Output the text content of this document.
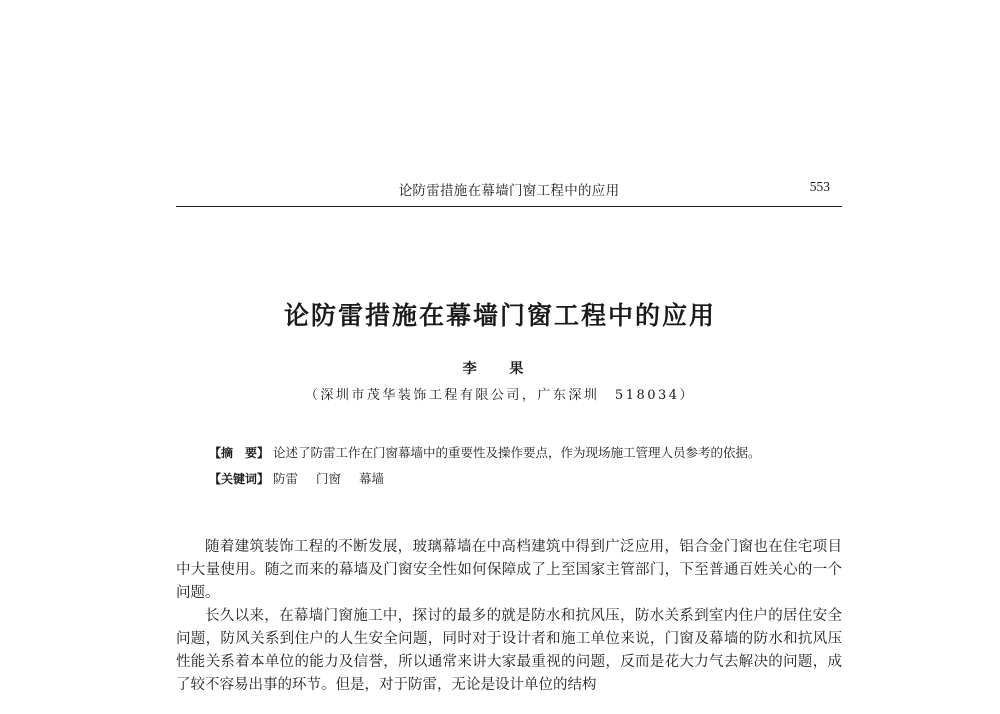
论防雷措施在幕墙门窗工程中的应用	553
论防雷措施在幕墙门窗工程中的应用
李 果
（深圳市茂华装饰工程有限公司，广东深圳　518034）
【摘　要】 论述了防雷工作在门窗幕墙中的重要性及操作要点，作为现场施工管理人员参考的依据。
【关键词】 防雷 门窗 幕墙

随着建筑装饰工程的不断发展，玻璃幕墙在中高档建筑中得到广泛应用，铝合金门窗也在住宅项目中大量使用。随之而来的幕墙及门窗安全性如何保障成了上至国家主管部门，下至普通百姓关心的一个问题。

长久以来，在幕墙门窗施工中，探讨的最多的就是防水和抗风压，防水关系到室内住户的居住安全问题，防风关系到住户的人生安全问题，同时对于设计者和施工单位来说，门窗及幕墙的防水和抗风压性能关系着本单位的能力及信誉，所以通常来讲大家最重视的问题，反而是花大力气去解决的问题，成了较不容易出事的环节。但是，对于防雷，无论是设计单位的结构
